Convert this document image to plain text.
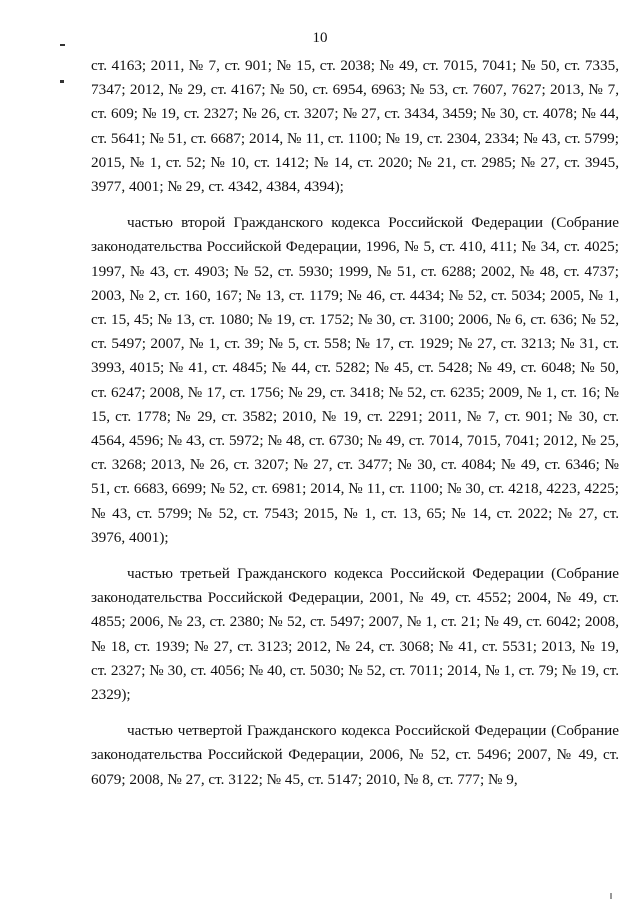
10

ст. 4163; 2011, № 7, ст. 901; № 15, ст. 2038; № 49, ст. 7015, 7041; № 50, ст. 7335, 7347; 2012, № 29, ст. 4167; № 50, ст. 6954, 6963; № 53, ст. 7607, 7627; 2013, № 7, ст. 609; № 19, ст. 2327; № 26, ст. 3207; № 27, ст. 3434, 3459; № 30, ст. 4078; № 44, ст. 5641; № 51, ст. 6687; 2014, № 11, ст. 1100; № 19, ст. 2304, 2334; № 43, ст. 5799; 2015, № 1, ст. 52; № 10, ст. 1412; № 14, ст. 2020; № 21, ст. 2985; № 27, ст. 3945, 3977, 4001; № 29, ст. 4342, 4384, 4394);

частью второй Гражданского кодекса Российской Федерации (Собрание законодательства Российской Федерации, 1996, № 5, ст. 410, 411; № 34, ст. 4025; 1997, № 43, ст. 4903; № 52, ст. 5930; 1999, № 51, ст. 6288; 2002, № 48, ст. 4737; 2003, № 2, ст. 160, 167; № 13, ст. 1179; № 46, ст. 4434; № 52, ст. 5034; 2005, № 1, ст. 15, 45; № 13, ст. 1080; № 19, ст. 1752; № 30, ст. 3100; 2006, № 6, ст. 636; № 52, ст. 5497; 2007, № 1, ст. 39; № 5, ст. 558; № 17, ст. 1929; № 27, ст. 3213; № 31, ст. 3993, 4015; № 41, ст. 4845; № 44, ст. 5282; № 45, ст. 5428; № 49, ст. 6048; № 50, ст. 6247; 2008, № 17, ст. 1756; № 29, ст. 3418; № 52, ст. 6235; 2009, № 1, ст. 16; № 15, ст. 1778; № 29, ст. 3582; 2010, № 19, ст. 2291; 2011, № 7, ст. 901; № 30, ст. 4564, 4596; № 43, ст. 5972; № 48, ст. 6730; № 49, ст. 7014, 7015, 7041; 2012, № 25, ст. 3268; 2013, № 26, ст. 3207; № 27, ст. 3477; № 30, ст. 4084; № 49, ст. 6346; № 51, ст. 6683, 6699; № 52, ст. 6981; 2014, № 11, ст. 1100; № 30, ст. 4218, 4223, 4225; № 43, ст. 5799; № 52, ст. 7543; 2015, № 1, ст. 13, 65; № 14, ст. 2022; № 27, ст. 3976, 4001);

частью третьей Гражданского кодекса Российской Федерации (Собрание законодательства Российской Федерации, 2001, № 49, ст. 4552; 2004, № 49, ст. 4855; 2006, № 23, ст. 2380; № 52, ст. 5497; 2007, № 1, ст. 21; № 49, ст. 6042; 2008, № 18, ст. 1939; № 27, ст. 3123; 2012, № 24, ст. 3068; № 41, ст. 5531; 2013, № 19, ст. 2327; № 30, ст. 4056; № 40, ст. 5030; № 52, ст. 7011; 2014, № 1, ст. 79; № 19, ст. 2329);

частью четвертой Гражданского кодекса Российской Федерации (Собрание законодательства Российской Федерации, 2006, № 52, ст. 5496; 2007, № 49, ст. 6079; 2008, № 27, ст. 3122; № 45, ст. 5147; 2010, № 8, ст. 777; № 9,
